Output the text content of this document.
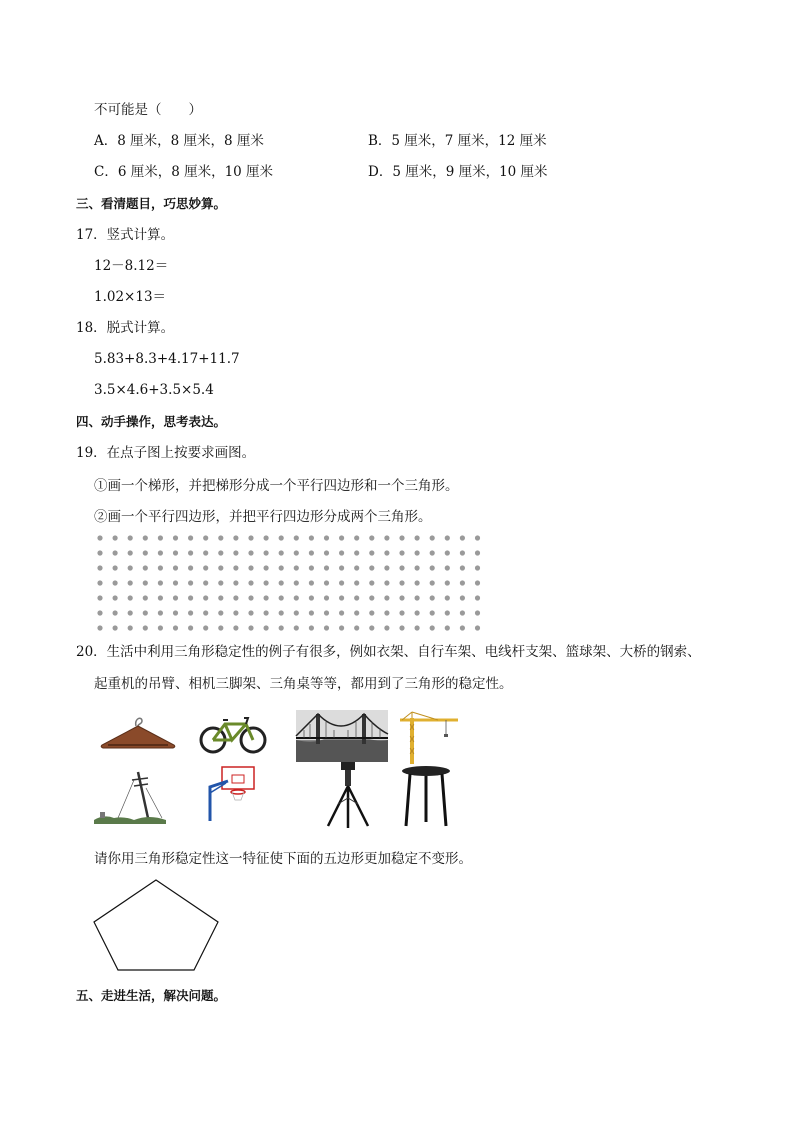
不可能是（　　）
A．8 厘米，8 厘米，8 厘米	B．5 厘米，7 厘米，12 厘米
C．6 厘米，8 厘米，10 厘米	D．5 厘米，9 厘米，10 厘米
三、看清题目，巧思妙算。
17．竖式计算。
12－8.12＝
1.02×13＝
18．脱式计算。
5.83+8.3+4.17+11.7
3.5×4.6+3.5×5.4
四、动手操作，思考表达。
19．在点子图上按要求画图。
①画一个梯形，并把梯形分成一个平行四边形和一个三角形。
②画一个平行四边形，并把平行四边形分成两个三角形。
20．生活中利用三角形稳定性的例子有很多，例如衣架、自行车架、电线杆支架、篮球架、大桥的钢索、
起重机的吊臂、相机三脚架、三角桌等等，都用到了三角形的稳定性。
请你用三角形稳定性这一特征使下面的五边形更加稳定不变形。
五、走进生活，解决问题。
